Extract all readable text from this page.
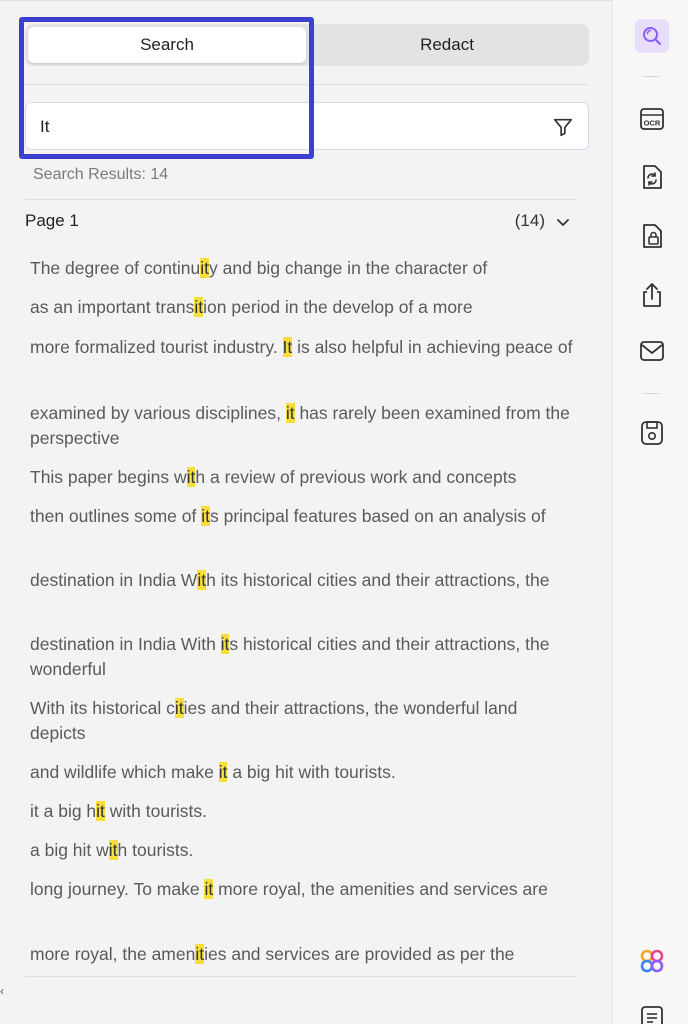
Search	Redact
It
Search Results: 14
Page 1	(14)
The degree of continuity and big change in the character of
as an important transition period in the develop of a more
more formalized tourist industry. It is also helpful in achieving peace of
examined by various disciplines, it has rarely been examined from the perspective
This paper begins with a review of previous work and concepts
then outlines some of its principal features based on an analysis of
destination in India With its historical cities and their attractions, the
destination in India With its historical cities and their attractions, the wonderful
With its historical cities and their attractions, the wonderful land depicts
and wildlife which make it a big hit with tourists.
it a big hit with tourists.
a big hit with tourists.
long journey. To make it more royal, the amenities and services are
more royal, the amenities and services are provided as per the
‹
OCR
